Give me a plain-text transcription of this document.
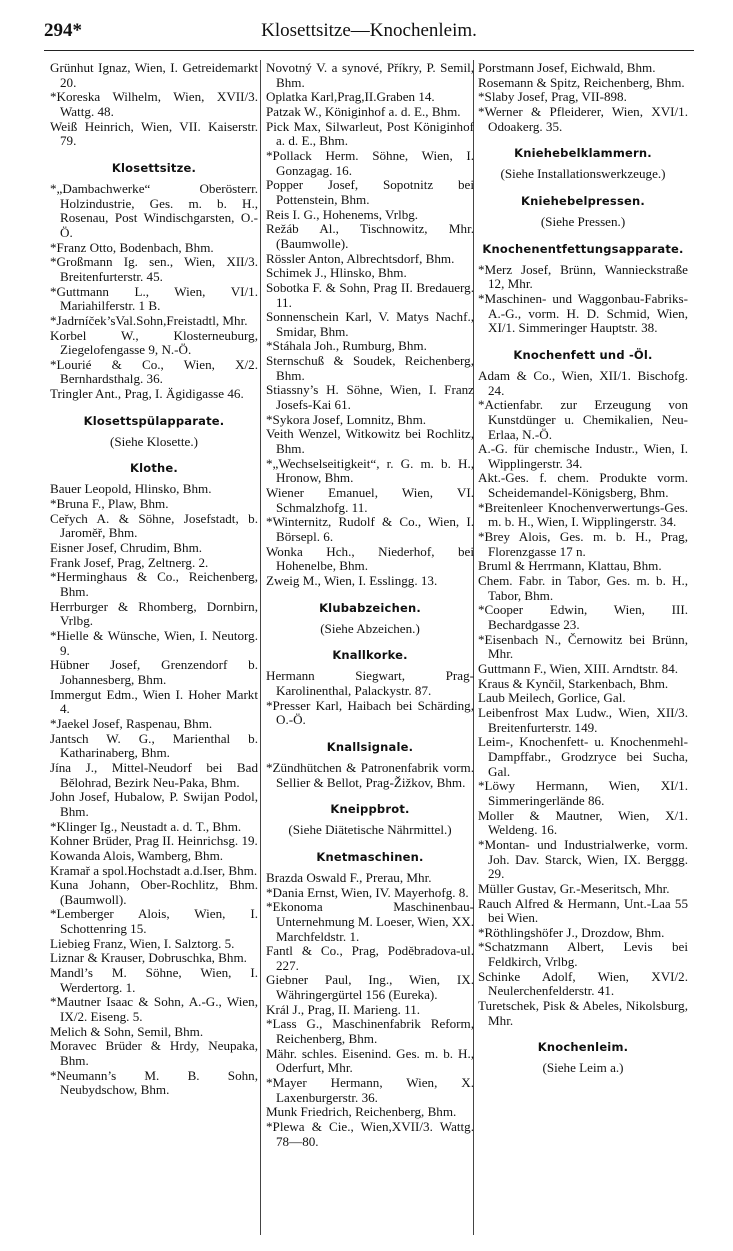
294*	Klosettsitze—Knochenleim.
Grünhut Ignaz, Wien, I. Getreidemarkt 20.
*Koreska Wilhelm, Wien, XVII/3. Wattg. 48.
Weiß Heinrich, Wien, VII. Kaiserstr. 79.
Klosettsitze.
*„Dambachwerke“ Oberösterr. Holzindustrie, Ges. m. b. H., Rosenau, Post Windischgarsten, O.-Ö.
*Franz Otto, Bodenbach, Bhm.
*Großmann Ig. sen., Wien, XII/3. Breitenfurterstr. 45.
*Guttmann L., Wien, VI/1. Mariahilferstr. 1 B.
*Jadrníček’sVal.Sohn,Freistadtl, Mhr.
Korbel W., Klosterneuburg, Ziegelofengasse 9, N.-Ö.
*Lourié & Co., Wien, X/2. Bernhardsthalg. 36.
Tringler Ant., Prag, I. Ägidigasse 46.
Klosettspülapparate.
(Siehe Klosette.)
Klothe.
Bauer Leopold, Hlinsko, Bhm.
*Bruna F., Plaw, Bhm.
Ceřych A. & Söhne, Josefstadt, b. Jaroměř, Bhm.
Eisner Josef, Chrudim, Bhm.
Frank Josef, Prag, Zeltnerg. 2.
*Herminghaus & Co., Reichenberg, Bhm.
Herrburger & Rhomberg, Dornbirn, Vrlbg.
*Hielle & Wünsche, Wien, I. Neutorg. 9.
Hübner Josef, Grenzendorf b. Johannesberg, Bhm.
Immergut Edm., Wien I. Hoher Markt 4.
*Jaekel Josef, Raspenau, Bhm.
Jantsch W. G., Marienthal b. Katharinaberg, Bhm.
Jína J., Mittel-Neudorf bei Bad Bělohrad, Bezirk Neu-Paka, Bhm.
John Josef, Hubalow, P. Swijan Podol, Bhm.
*Klinger Ig., Neustadt a. d. T., Bhm.
Kohner Brüder, Prag II. Heinrichsg. 19.
Kowanda Alois, Wamberg, Bhm.
Kramař a spol.Hochstadt a.d.Iser, Bhm.
Kuna Johann, Ober-Rochlitz, Bhm. (Baumwoll).
*Lemberger Alois, Wien, I. Schottenring 15.
Liebieg Franz, Wien, I. Salztorg. 5.
Liznar & Krauser, Dobruschka, Bhm.
Mandl’s M. Söhne, Wien, I. Werdertorg. 1.
*Mautner Isaac & Sohn, A.-G., Wien, IX/2. Eiseng. 5.
Melich & Sohn, Semil, Bhm.
Moravec Brüder & Hrdy, Neupaka, Bhm.
*Neumann’s M. B. Sohn, Neubydschow, Bhm.
Novotný V. a synové, Příkry, P. Semil, Bhm.
Oplatka Karl,Prag,II.Graben 14.
Patzak W., Königinhof a. d. E., Bhm.
Pick Max, Silwarleut, Post Königinhof a. d. E., Bhm.
*Pollack Herm. Söhne, Wien, I. Gonzagag. 16.
Popper Josef, Sopotnitz bei Pottenstein, Bhm.
Reis I. G., Hohenems, Vrlbg.
Režáb Al., Tischnowitz, Mhr. (Baumwolle).
Rössler Anton, Albrechtsdorf, Bhm.
Schimek J., Hlinsko, Bhm.
Sobotka F. & Sohn, Prag II. Bredauerg. 11.
Sonnenschein Karl, V. Matys Nachf., Smidar, Bhm.
*Stáhala Joh., Rumburg, Bhm.
Sternschuß & Soudek, Reichenberg, Bhm.
Stiassny’s H. Söhne, Wien, I. Franz Josefs-Kai 61.
*Sykora Josef, Lomnitz, Bhm.
Veith Wenzel, Witkowitz bei Rochlitz, Bhm.
*„Wechselseitigkeit“, r. G. m. b. H., Hronow, Bhm.
Wiener Emanuel, Wien, VI. Schmalzhofg. 11.
*Winternitz, Rudolf & Co., Wien, I. Börsepl. 6.
Wonka Hch., Niederhof, bei Hohenelbe, Bhm.
Zweig M., Wien, I. Esslingg. 13.
Klubabzeichen.
(Siehe Abzeichen.)
Knallkorke.
Hermann Siegwart, Prag-Karolinenthal, Palackystr. 87.
*Presser Karl, Haibach bei Schärding, O.-Ö.
Knallsignale.
*Zündhütchen & Patronenfabrik vorm. Sellier & Bellot, Prag-Žižkov, Bhm.
Kneippbrot.
(Siehe Diätetische Nährmittel.)
Knetmaschinen.
Brazda Oswald F., Prerau, Mhr.
*Dania Ernst, Wien, IV. Mayerhofg. 8.
*Ekonoma Maschinenbau-Unternehmung M. Loeser, Wien, XX. Marchfeldstr. 1.
Fantl & Co., Prag, Poděbradova-ul. 227.
Giebner Paul, Ing., Wien, IX. Währingergürtel 156 (Eureka).
Král J., Prag, II. Marieng. 11.
*Lass G., Maschinenfabrik Reform, Reichenberg, Bhm.
Mähr. schles. Eisenind. Ges. m. b. H., Oderfurt, Mhr.
*Mayer Hermann, Wien, X. Laxenburgerstr. 36.
Munk Friedrich, Reichenberg, Bhm.
*Plewa & Cie., Wien,XVII/3. Wattg. 78—80.
Porstmann Josef, Eichwald, Bhm.
Rosemann & Spitz, Reichenberg, Bhm.
*Slaby Josef, Prag, VII-898.
*Werner & Pfleiderer, Wien, XVI/1. Odoakerg. 35.
Kniehebelklammern.
(Siehe Installationswerkzeuge.)
Kniehebelpressen.
(Siehe Pressen.)
Knochenentfettungsapparate.
*Merz Josef, Brünn, Wannieckstraße 12, Mhr.
*Maschinen- und Waggonbau-Fabriks-A.-G., vorm. H. D. Schmid, Wien, XI/1. Simmeringer Hauptstr. 38.
Knochenfett und -Öl.
Adam & Co., Wien, XII/1. Bischofg. 24.
*Actienfabr. zur Erzeugung von Kunstdünger u. Chemikalien, Neu-Erlaa, N.-Ö.
A.-G. für chemische Industr., Wien, I. Wipplingerstr. 34.
Akt.-Ges. f. chem. Produkte vorm. Scheidemandel-Königsberg, Bhm.
*Breitenleer Knochenverwertungs-Ges. m. b. H., Wien, I. Wipplingerstr. 34.
*Brey Alois, Ges. m. b. H., Prag, Florenzgasse 17 n.
Bruml & Herrmann, Klattau, Bhm.
Chem. Fabr. in Tabor, Ges. m. b. H., Tabor, Bhm.
*Cooper Edwin, Wien, III. Bechardgasse 23.
*Eisenbach N., Černowitz bei Brünn, Mhr.
Guttmann F., Wien, XIII. Arndtstr. 84.
Kraus & Kynčil, Starkenbach, Bhm.
Laub Meilech, Gorlice, Gal.
Leibenfrost Max Ludw., Wien, XII/3. Breitenfurterstr. 149.
Leim-, Knochenfett- u. Knochenmehl-Dampffabr., Grodzryce bei Sucha, Gal.
*Löwy Hermann, Wien, XI/1. Simmeringerlände 86.
Moller & Mautner, Wien, X/1. Weldeng. 16.
*Montan- und Industrialwerke, vorm. Joh. Dav. Starck, Wien, IX. Berggg. 29.
Müller Gustav, Gr.-Meseritsch, Mhr.
Rauch Alfred & Hermann, Unt.-Laa 55 bei Wien.
*Röthlingshöfer J., Drozdow, Bhm.
*Schatzmann Albert, Levis bei Feldkirch, Vrlbg.
Schinke Adolf, Wien, XVI/2. Neulerchenfelderstr. 41.
Turetschek, Pisk & Abeles, Nikolsburg, Mhr.
Knochenleim.
(Siehe Leim a.)
